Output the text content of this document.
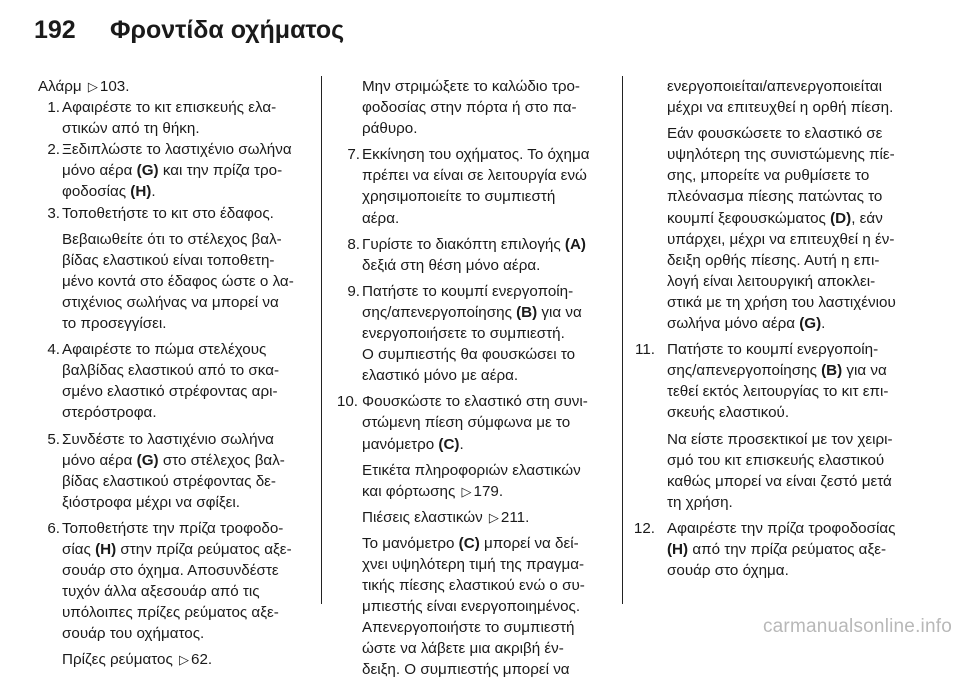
192 Φροντίδα οχήματος
Αλάρμ ▷ 103.
1. Αφαιρέστε το κιτ επισκευής ελα-
στικών από τη θήκη.
2. Ξεδιπλώστε το λαστιχένιο σωλήνα
μόνο αέρα (G) και την πρίζα τρο-
φοδοσίας (H).
3. Τοποθετήστε το κιτ στο έδαφος.
Βεβαιωθείτε ότι το στέλεχος βαλ-
βίδας ελαστικού είναι τοποθετη-
μένο κοντά στο έδαφος ώστε ο λα-
στιχένιος σωλήνας να μπορεί να
το προσεγγίσει.
4. Αφαιρέστε το πώμα στελέχους
βαλβίδας ελαστικού από το σκα-
σμένο ελαστικό στρέφοντας αρι-
στερόστροφα.
5. Συνδέστε το λαστιχένιο σωλήνα
μόνο αέρα (G) στο στέλεχος βαλ-
βίδας ελαστικού στρέφοντας δε-
ξιόστροφα μέχρι να σφίξει.
6. Τοποθετήστε την πρίζα τροφοδο-
σίας (H) στην πρίζα ρεύματος αξε-
σουάρ στο όχημα. Αποσυνδέστε
τυχόν άλλα αξεσουάρ από τις
υπόλοιπες πρίζες ρεύματος αξε-
σουάρ του οχήματος.
Πρίζες ρεύματος ▷ 62.
Μην στριμώξετε το καλώδιο τρο-
φοδοσίας στην πόρτα ή στο πα-
ράθυρο.
7. Εκκίνηση του οχήματος. Το όχημα
πρέπει να είναι σε λειτουργία ενώ
χρησιμοποιείτε το συμπιεστή
αέρα.
8. Γυρίστε το διακόπτη επιλογής (A)
δεξιά στη θέση μόνο αέρα.
9. Πατήστε το κουμπί ενεργοποίη-
σης/απενεργοποίησης (B) για να
ενεργοποιήσετε το συμπιεστή.
Ο συμπιεστής θα φουσκώσει το
ελαστικό μόνο με αέρα.
10. Φουσκώστε το ελαστικό στη συνι-
στώμενη πίεση σύμφωνα με το
μανόμετρο (C).
Ετικέτα πληροφοριών ελαστικών
και φόρτωσης ▷ 179.
Πιέσεις ελαστικών ▷ 211.
Το μανόμετρο (C) μπορεί να δεί-
χνει υψηλότερη τιμή της πραγμα-
τικής πίεσης ελαστικού ενώ ο συ-
μπιεστής είναι ενεργοποιημένος.
Απενεργοποιήστε το συμπιεστή
ώστε να λάβετε μια ακριβή έν-
δειξη. Ο συμπιεστής μπορεί να
ενεργοποιείται/απενεργοποιείται
μέχρι να επιτευχθεί η ορθή πίεση.
Εάν φουσκώσετε το ελαστικό σε
υψηλότερη της συνιστώμενης πίε-
σης, μπορείτε να ρυθμίσετε το
πλεόνασμα πίεσης πατώντας το
κουμπί ξεφουσκώματος (D), εάν
υπάρχει, μέχρι να επιτευχθεί η έν-
δειξη ορθής πίεσης. Αυτή η επι-
λογή είναι λειτουργική αποκλει-
στικά με τη χρήση του λαστιχένιου
σωλήνα μόνο αέρα (G).
11. Πατήστε το κουμπί ενεργοποίη-
σης/απενεργοποίησης (B) για να
τεθεί εκτός λειτουργίας το κιτ επι-
σκευής ελαστικού.
Να είστε προσεκτικοί με τον χειρι-
σμό του κιτ επισκευής ελαστικού
καθώς μπορεί να είναι ζεστό μετά
τη χρήση.
12. Αφαιρέστε την πρίζα τροφοδοσίας
(H) από την πρίζα ρεύματος αξε-
σουάρ στο όχημα.
carmanualsonline.info
